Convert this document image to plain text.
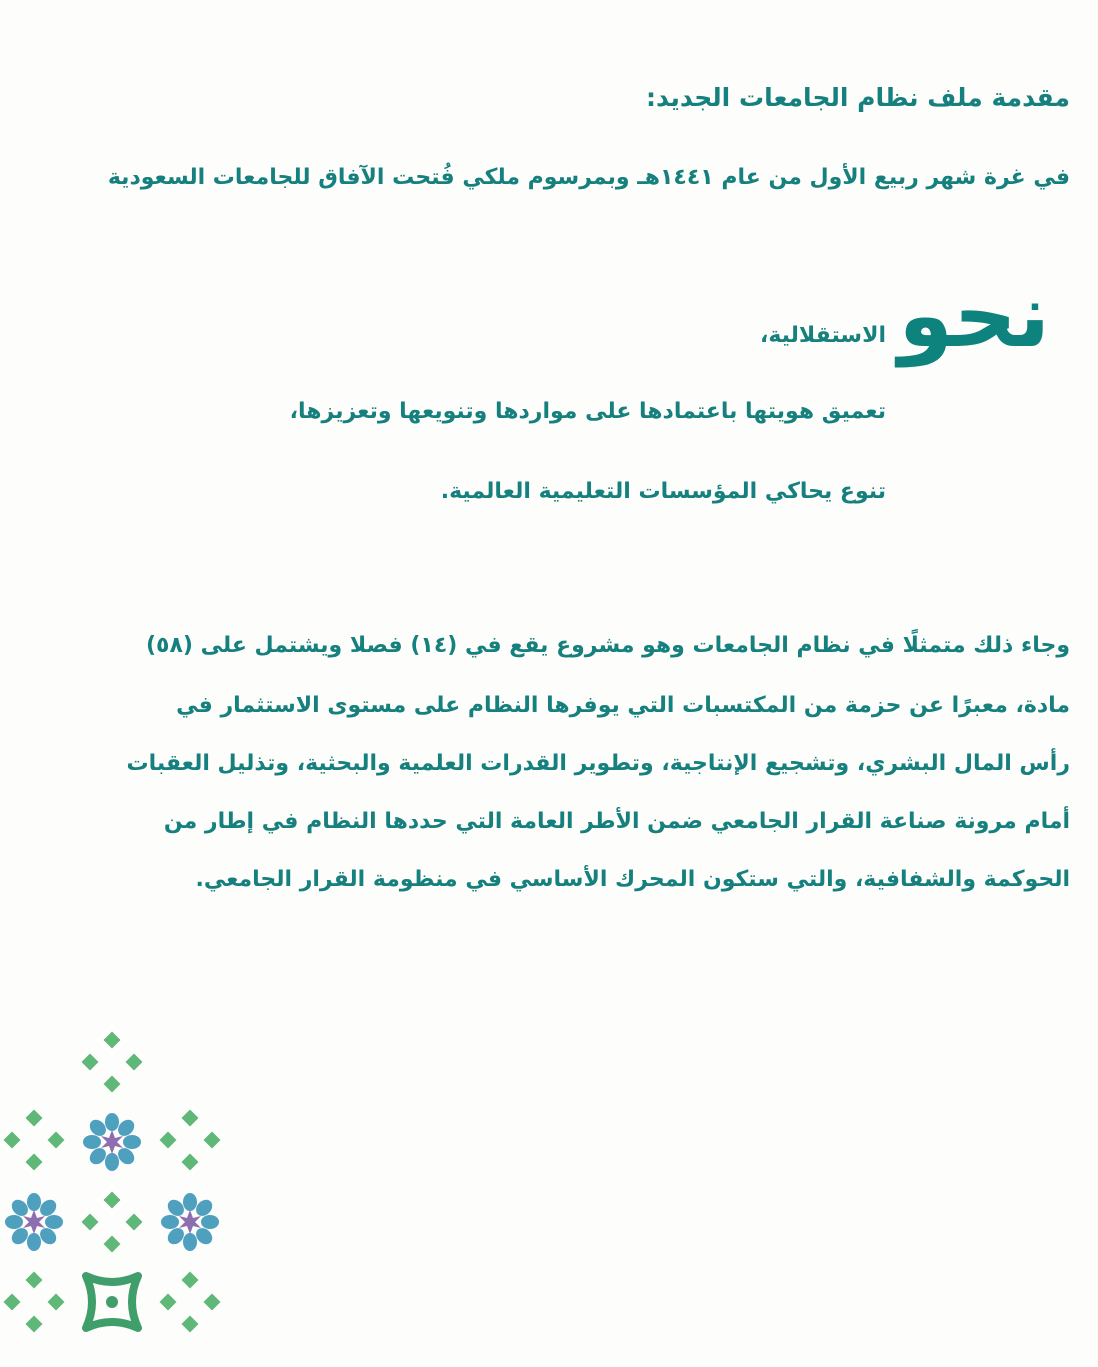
مقدمة ملف نظام الجامعات الجديد:

في غرة شهر ربيع الأول من عام ١٤٤١هـ وبمرسوم ملكي فُتحت الآفاق للجامعات السعودية

نحو

الاستقلالية،

تعميق هويتها باعتمادها على مواردها وتنويعها وتعزيزها،

تنوع يحاكي المؤسسات التعليمية العالمية.

وجاء ذلك متمثلًا في نظام الجامعات وهو مشروع يقع في (١٤) فصلا ويشتمل على (٥٨)

مادة، معبرًا عن حزمة من المكتسبات التي يوفرها النظام على مستوى الاستثمار في

رأس المال البشري، وتشجيع الإنتاجية، وتطوير القدرات العلمية والبحثية، وتذليل العقبات

أمام مرونة صناعة القرار الجامعي ضمن الأطر العامة التي حددها النظام في إطار من

الحوكمة والشفافية، والتي ستكون المحرك الأساسي في منظومة القرار الجامعي.
